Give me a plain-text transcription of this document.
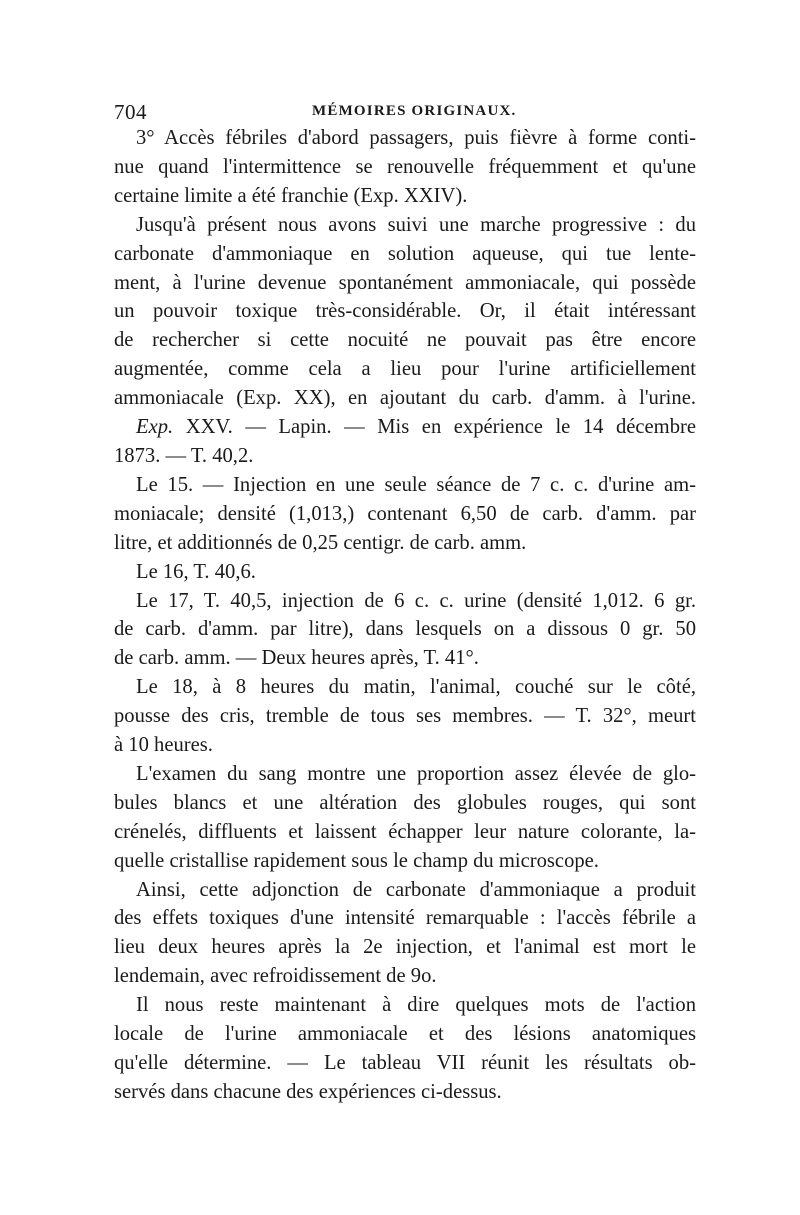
704	MÉMOIRES ORIGINAUX.
3° Accès fébriles d'abord passagers, puis fièvre à forme conti-
nue quand l'intermittence se renouvelle fréquemment et qu'une
certaine limite a été franchie (Exp. XXIV).
Jusqu'à présent nous avons suivi une marche progressive : du
carbonate d'ammoniaque en solution aqueuse, qui tue lente-
ment, à l'urine devenue spontanément ammoniacale, qui possède
un pouvoir toxique très-considérable. Or, il était intéressant
de rechercher si cette nocuité ne pouvait pas être encore
augmentée, comme cela a lieu pour l'urine artificiellement
ammoniacale (Exp. XX), en ajoutant du carb. d'amm. à l'urine.
Exp. XXV. — Lapin. — Mis en expérience le 14 décembre
1873. — T. 40,2.
Le 15. — Injection en une seule séance de 7 c. c. d'urine am-
moniacale; densité (1,013,) contenant 6,50 de carb. d'amm. par
litre, et additionnés de 0,25 centigr. de carb. amm.
Le 16, T. 40,6.
Le 17, T. 40,5, injection de 6 c. c. urine (densité 1,012. 6 gr.
de carb. d'amm. par litre), dans lesquels on a dissous 0 gr. 50
de carb. amm. — Deux heures après, T. 41°.
Le 18, à 8 heures du matin, l'animal, couché sur le côté,
pousse des cris, tremble de tous ses membres. — T. 32°, meurt
à 10 heures.
L'examen du sang montre une proportion assez élevée de glo-
bules blancs et une altération des globules rouges, qui sont
crénelés, diffluents et laissent échapper leur nature colorante, la-
quelle cristallise rapidement sous le champ du microscope.
Ainsi, cette adjonction de carbonate d'ammoniaque a produit
des effets toxiques d'une intensité remarquable : l'accès fébrile a
lieu deux heures après la 2e injection, et l'animal est mort le
lendemain, avec refroidissement de 9o.
Il nous reste maintenant à dire quelques mots de l'action
locale de l'urine ammoniacale et des lésions anatomiques
qu'elle détermine. — Le tableau VII réunit les résultats ob-
servés dans chacune des expériences ci-dessus.
